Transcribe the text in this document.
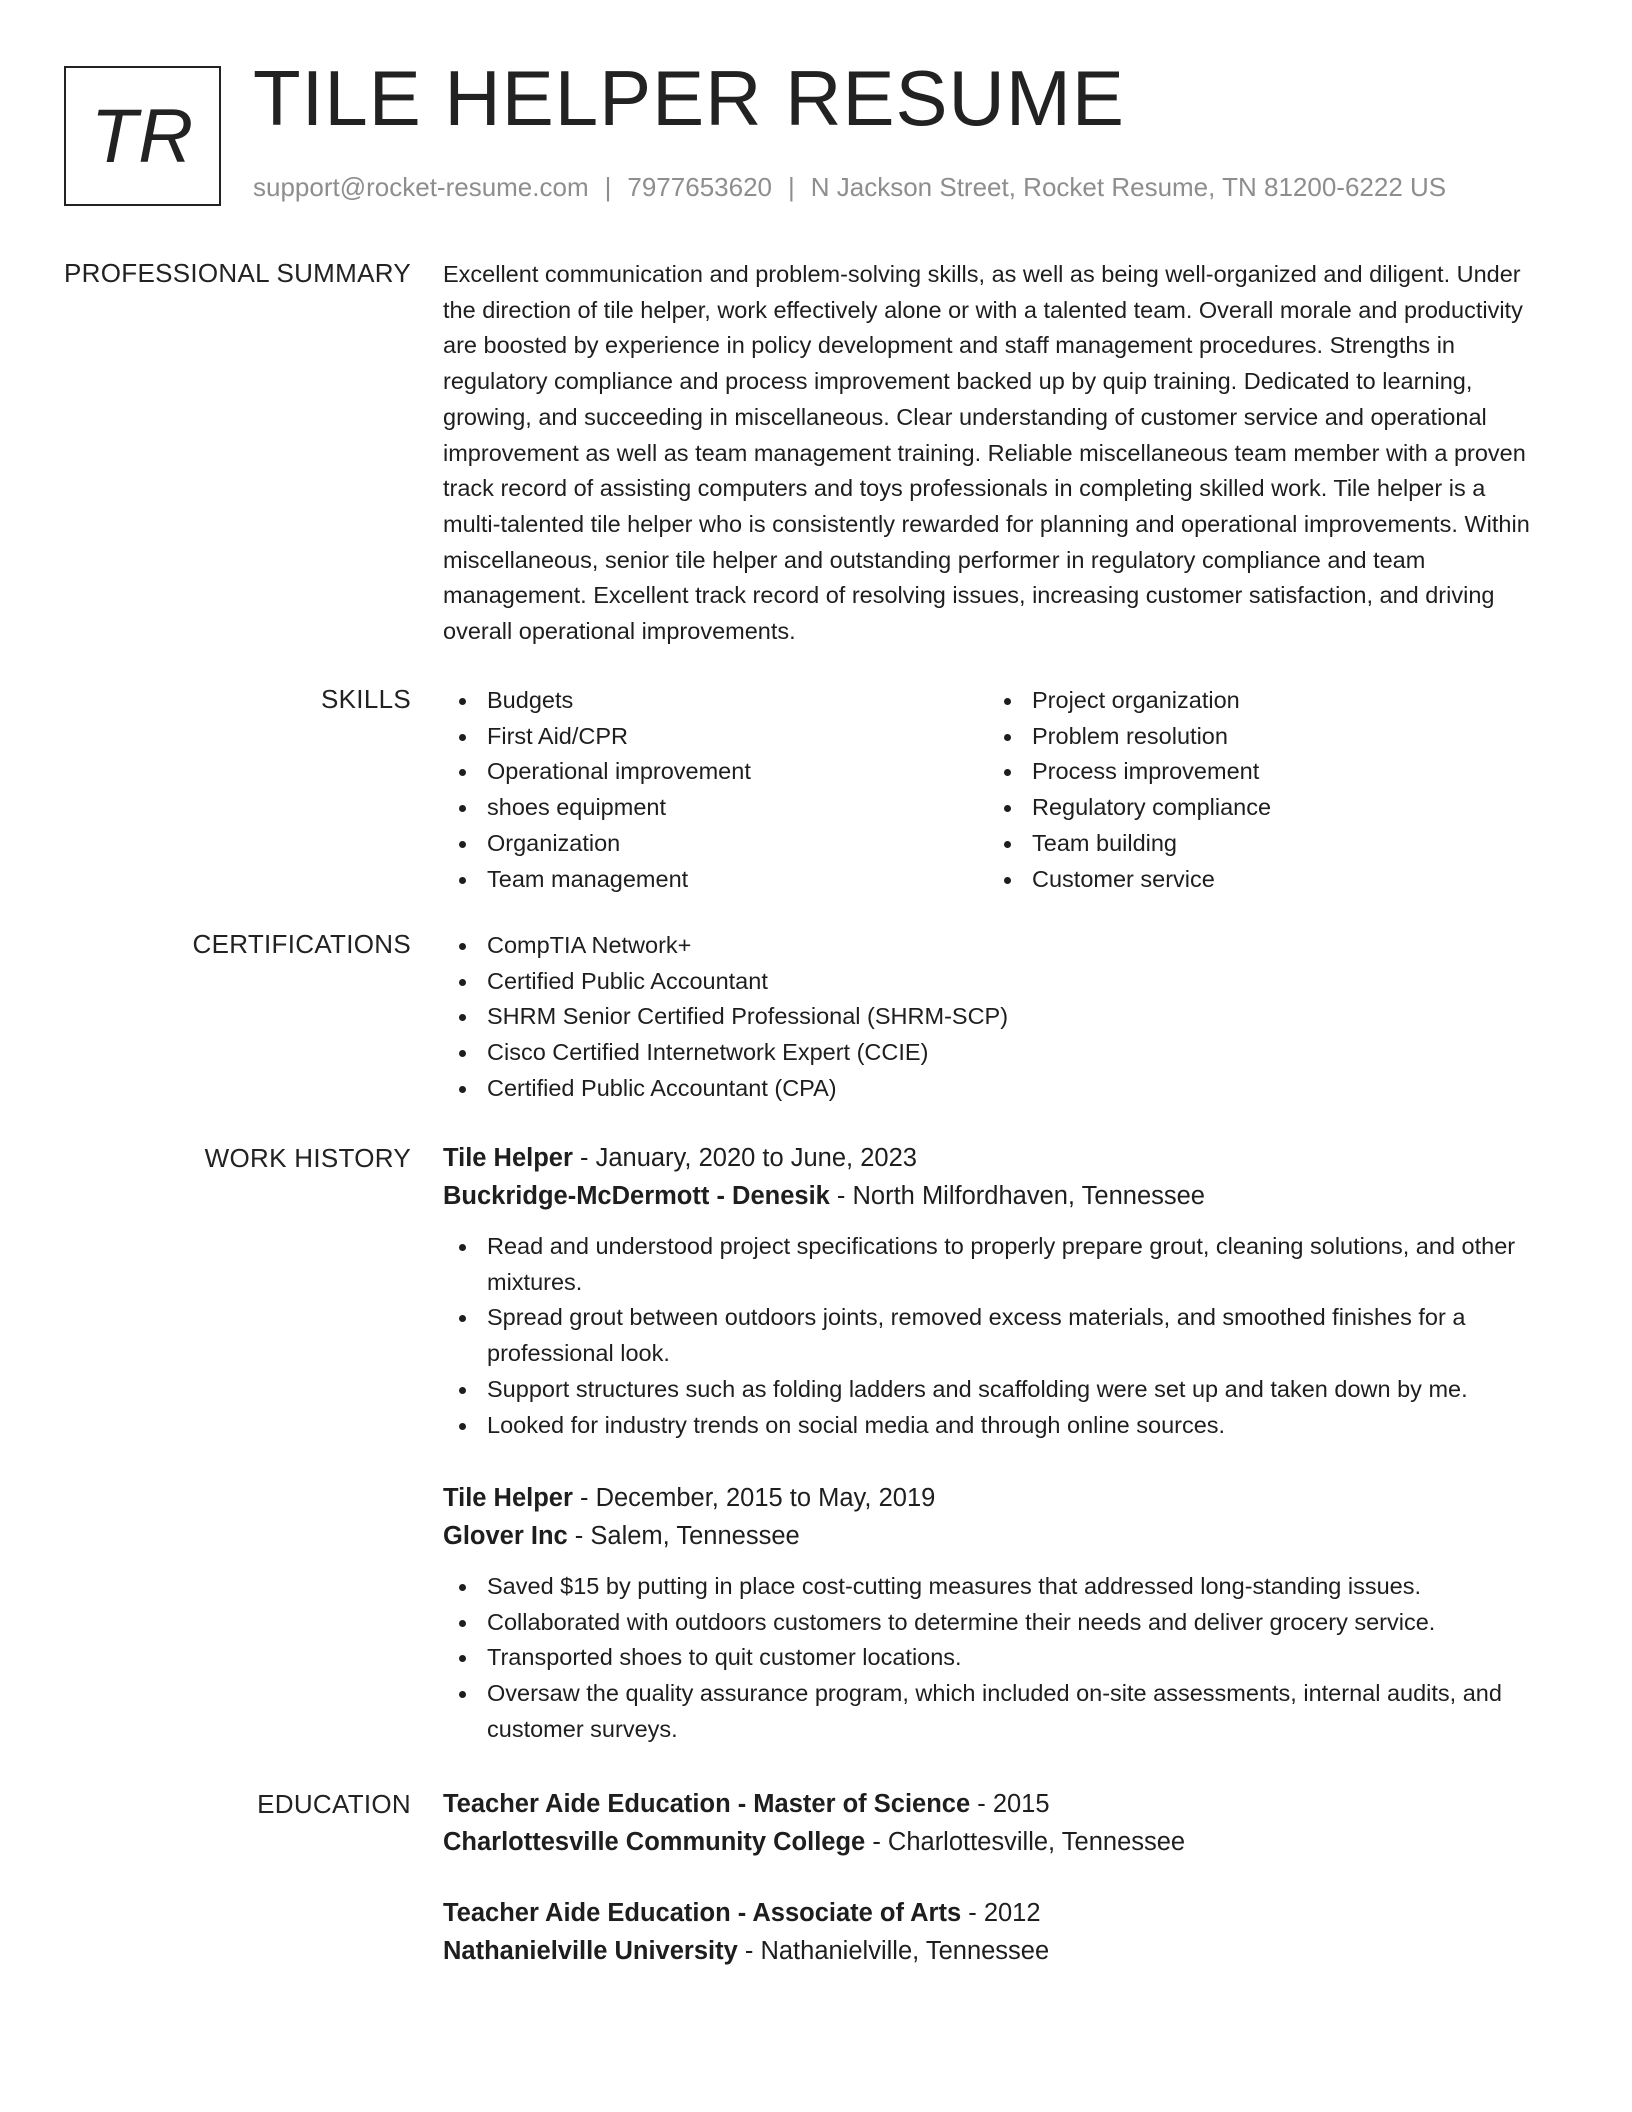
TR TILE HELPER RESUME
support@rocket-resume.com | 7977653620 | N Jackson Street, Rocket Resume, TN 81200-6222 US
PROFESSIONAL SUMMARY Excellent communication and problem-solving skills, as well as being well-organized and diligent. Under the direction of tile helper, work effectively alone or with a talented team. Overall morale and productivity are boosted by experience in policy development and staff management procedures. Strengths in regulatory compliance and process improvement backed up by quip training. Dedicated to learning, growing, and succeeding in miscellaneous. Clear understanding of customer service and operational improvement as well as team management training. Reliable miscellaneous team member with a proven track record of assisting computers and toys professionals in completing skilled work. Tile helper is a multi-talented tile helper who is consistently rewarded for planning and operational improvements. Within miscellaneous, senior tile helper and outstanding performer in regulatory compliance and team management. Excellent track record of resolving issues, increasing customer satisfaction, and driving overall operational improvements.
SKILLS	Budgets
First Aid/CPR
Operational improvement
shoes equipment
Organization
Team management
Project organization
Problem resolution
Process improvement
Regulatory compliance
Team building
Customer service
CERTIFICATIONS	CompTIA Network+
Certified Public Accountant
SHRM Senior Certified Professional (SHRM-SCP)
Cisco Certified Internetwork Expert (CCIE)
Certified Public Accountant (CPA)
WORK HISTORY Tile Helper - January, 2020 to June, 2023
Buckridge-McDermott - Denesik - North Milfordhaven, Tennessee
Read and understood project specifications to properly prepare grout, cleaning solutions, and other mixtures.
Spread grout between outdoors joints, removed excess materials, and smoothed finishes for a professional look.
Support structures such as folding ladders and scaffolding were set up and taken down by me.
Looked for industry trends on social media and through online sources.
Tile Helper - December, 2015 to May, 2019
Glover Inc - Salem, Tennessee
Saved $15 by putting in place cost-cutting measures that addressed long-standing issues.
Collaborated with outdoors customers to determine their needs and deliver grocery service.
Transported shoes to quit customer locations.
Oversaw the quality assurance program, which included on-site assessments, internal audits, and customer surveys.
EDUCATION Teacher Aide Education - Master of Science - 2015
Charlottesville Community College - Charlottesville, Tennessee
Teacher Aide Education - Associate of Arts - 2012
Nathanielville University - Nathanielville, Tennessee
